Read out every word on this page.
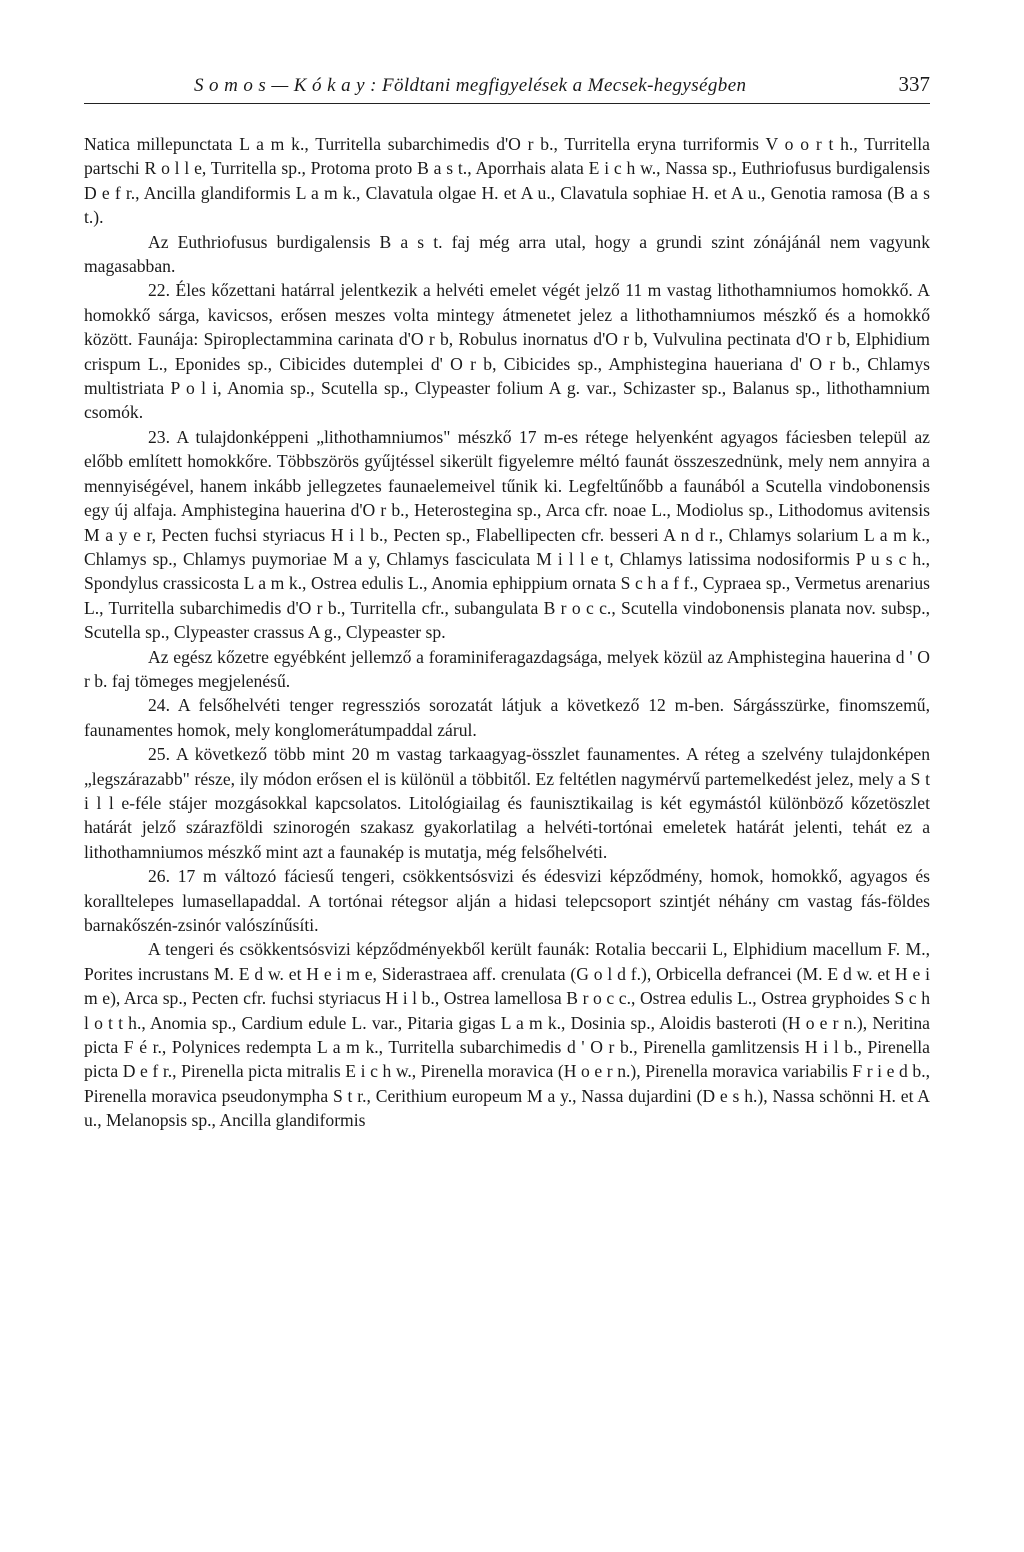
S o m o s — K ó k a y : Földtani megfigyelések a Mecsek-hegységben	337

Natica millepunctata L a m k., Turritella subarchimedis d'O r b., Turritella eryna turriformis V o o r t h., Turritella partschi R o l l e, Turritella sp., Protoma proto B a s t., Aporrhais alata E i c h w., Nassa sp., Euthriofusus burdigalensis D e f r., Ancilla glandiformis L a m k., Clavatula olgae H. et A u., Clavatula sophiae H. et A u., Genotia ramosa (B a s t.).

Az Euthriofusus burdigalensis B a s t. faj még arra utal, hogy a grundi szint zónájánál nem vagyunk magasabban.

22. Éles kőzettani határral jelentkezik a helvéti emelet végét jelző 11 m vastag lithothamniumos homokkő. A homokkő sárga, kavicsos, erősen meszes volta mintegy átmenetet jelez a lithothamniumos mészkő és a homokkő között. Faunája: Spiroplectammina carinata d'O r b, Robulus inornatus d'O r b, Vulvulina pectinata d'O r b, Elphidium crispum L., Eponides sp., Cibicides dutemplei d' O r b, Cibicides sp., Amphistegina haueriana d' O r b., Chlamys multistriata P o l i, Anomia sp., Scutella sp., Clypeaster folium A g. var., Schizaster sp., Balanus sp., lithothamnium csomók.

23. A tulajdonképpeni „lithothamniumos" mészkő 17 m-es rétege helyenként agyagos fáciesben települ az előbb említett homokkőre. Többszörös gyűjtéssel sikerült figyelemre méltó faunát összeszednünk, mely nem annyira a mennyiségével, hanem inkább jellegzetes faunaelemeivel tűnik ki. Legfeltűnőbb a faunából a Scutella vindobonensis egy új alfaja. Amphistegina hauerina d'O r b., Heterostegina sp., Arca cfr. noae L., Modiolus sp., Lithodomus avitensis M a y e r, Pecten fuchsi styriacus H i l b., Pecten sp., Flabellipecten cfr. besseri A n d r., Chlamys solarium L a m k., Chlamys sp., Chlamys puymoriae M a y, Chlamys fasciculata M i l l e t, Chlamys latissima nodosiformis P u s c h., Spondylus crassicosta L a m k., Ostrea edulis L., Anomia ephippium ornata S c h a f f., Cypraea sp., Vermetus arenarius L., Turritella subarchimedis d'O r b., Turritella cfr., subangulata B r o c c., Scutella vindobonensis planata nov. subsp., Scutella sp., Clypeaster crassus A g., Clypeaster sp.

Az egész kőzetre egyébként jellemző a foraminiferagazdagsága, melyek közül az Amphistegina hauerina d ' O r b. faj tömeges megjelenésű.

24. A felsőhelvéti tenger regressziós sorozatát látjuk a következő 12 m-ben. Sárgásszürke, finomszemű, faunamentes homok, mely konglomerátumpaddal zárul.

25. A következő több mint 20 m vastag tarkaagyag-összlet faunamentes. A réteg a szelvény tulajdonképen „legszárazabb" része, ily módon erősen el is különül a többitől. Ez feltétlen nagymérvű partemelkedést jelez, mely a S t i l l e-féle stájer mozgásokkal kapcsolatos. Litológiailag és faunisztikailag is két egymástól különböző kőzetöszlet határát jelző szárazföldi szinorogén szakasz gyakorlatilag a helvéti-tortónai emeletek határát jelenti, tehát ez a lithothamniumos mészkő mint azt a faunakép is mutatja, még felsőhelvéti.

26. 17 m változó fáciesű tengeri, csökkentsósvizi és édesvizi képződmény, homok, homokkő, agyagos és koralltelepes lumasellapaddal. A tortónai rétegsor alján a hidasi telepcsoport szintjét néhány cm vastag fás-földes barnakőszén-zsinór valószínűsíti.

A tengeri és csökkentsósvizi képződményekből került faunák: Rotalia beccarii L, Elphidium macellum F. M., Porites incrustans M. E d w. et H e i m e, Siderastraea aff. crenulata (G o l d f.), Orbicella defrancei (M. E d w. et H e i m e), Arca sp., Pecten cfr. fuchsi styriacus H i l b., Ostrea lamellosa B r o c c., Ostrea edulis L., Ostrea gryphoides S c h l o t t h., Anomia sp., Cardium edule L. var., Pitaria gigas L a m k., Dosinia sp., Aloidis basteroti (H o e r n.), Neritina picta F é r., Polynices redempta L a m k., Turritella subarchimedis d ' O r b., Pirenella gamlitzensis H i l b., Pirenella picta D e f r., Pirenella picta mitralis E i c h w., Pirenella moravica (H o e r n.), Pirenella moravica variabilis F r i e d b., Pirenella moravica pseudonympha S t r., Cerithium europeum M a y., Nassa dujardini (D e s h.), Nassa schönni H. et A u., Melanopsis sp., Ancilla glandiformis
